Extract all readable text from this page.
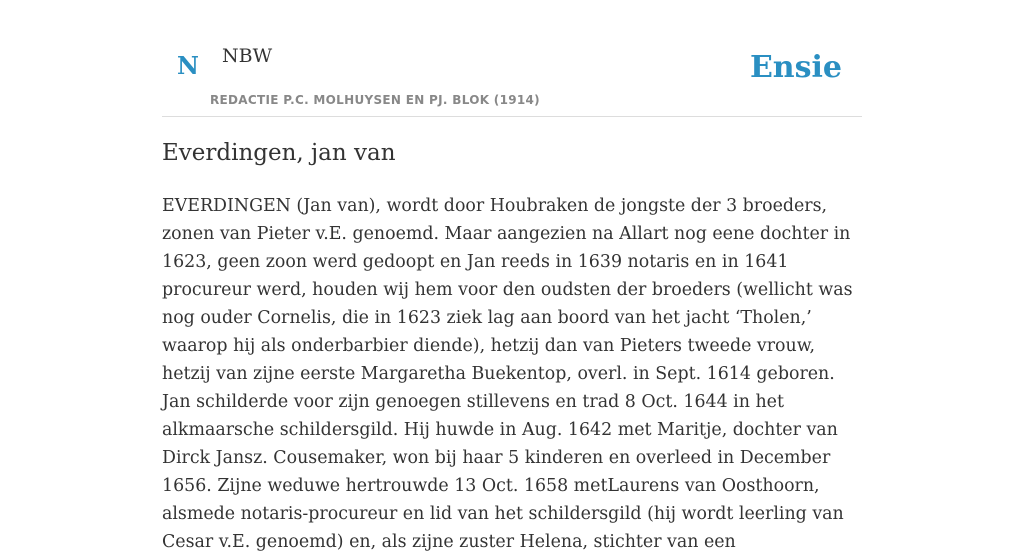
N NBW
REDACTIE P.C. MOLHUYSEN EN PJ. BLOK (1914)
Ensie
Everdingen, jan van

EVERDINGEN (Jan van), wordt door Houbraken de jongste der 3 broeders, zonen van Pieter v.E. genoemd. Maar aangezien na Allart nog eene dochter in 1623, geen zoon werd gedoopt en Jan reeds in 1639 notaris en in 1641 procureur werd, houden wij hem voor den oudsten der broeders (wellicht was nog ouder Cornelis, die in 1623 ziek lag aan boord van het jacht ‘Tholen,’ waarop hij als onderbarbier diende), hetzij dan van Pieters tweede vrouw, hetzij van zijne eerste Margaretha Buekentop, overl. in Sept. 1614 geboren. Jan schilderde voor zijn genoegen stillevens en trad 8 Oct. 1644 in het alkmaarsche schildersgild. Hij huwde in Aug. 1642 met Maritje, dochter van Dirck Jansz. Cousemaker, won bij haar 5 kinderen en overleed in December 1656. Zijne weduwe hertrouwde 13 Oct. 1658 metLaurens van Oosthoorn, alsmede notaris-procureur en lid van het schildersgild (hij wordt leerling van Cesar v.E. genoemd) en, als zijne zuster Helena, stichter van een
